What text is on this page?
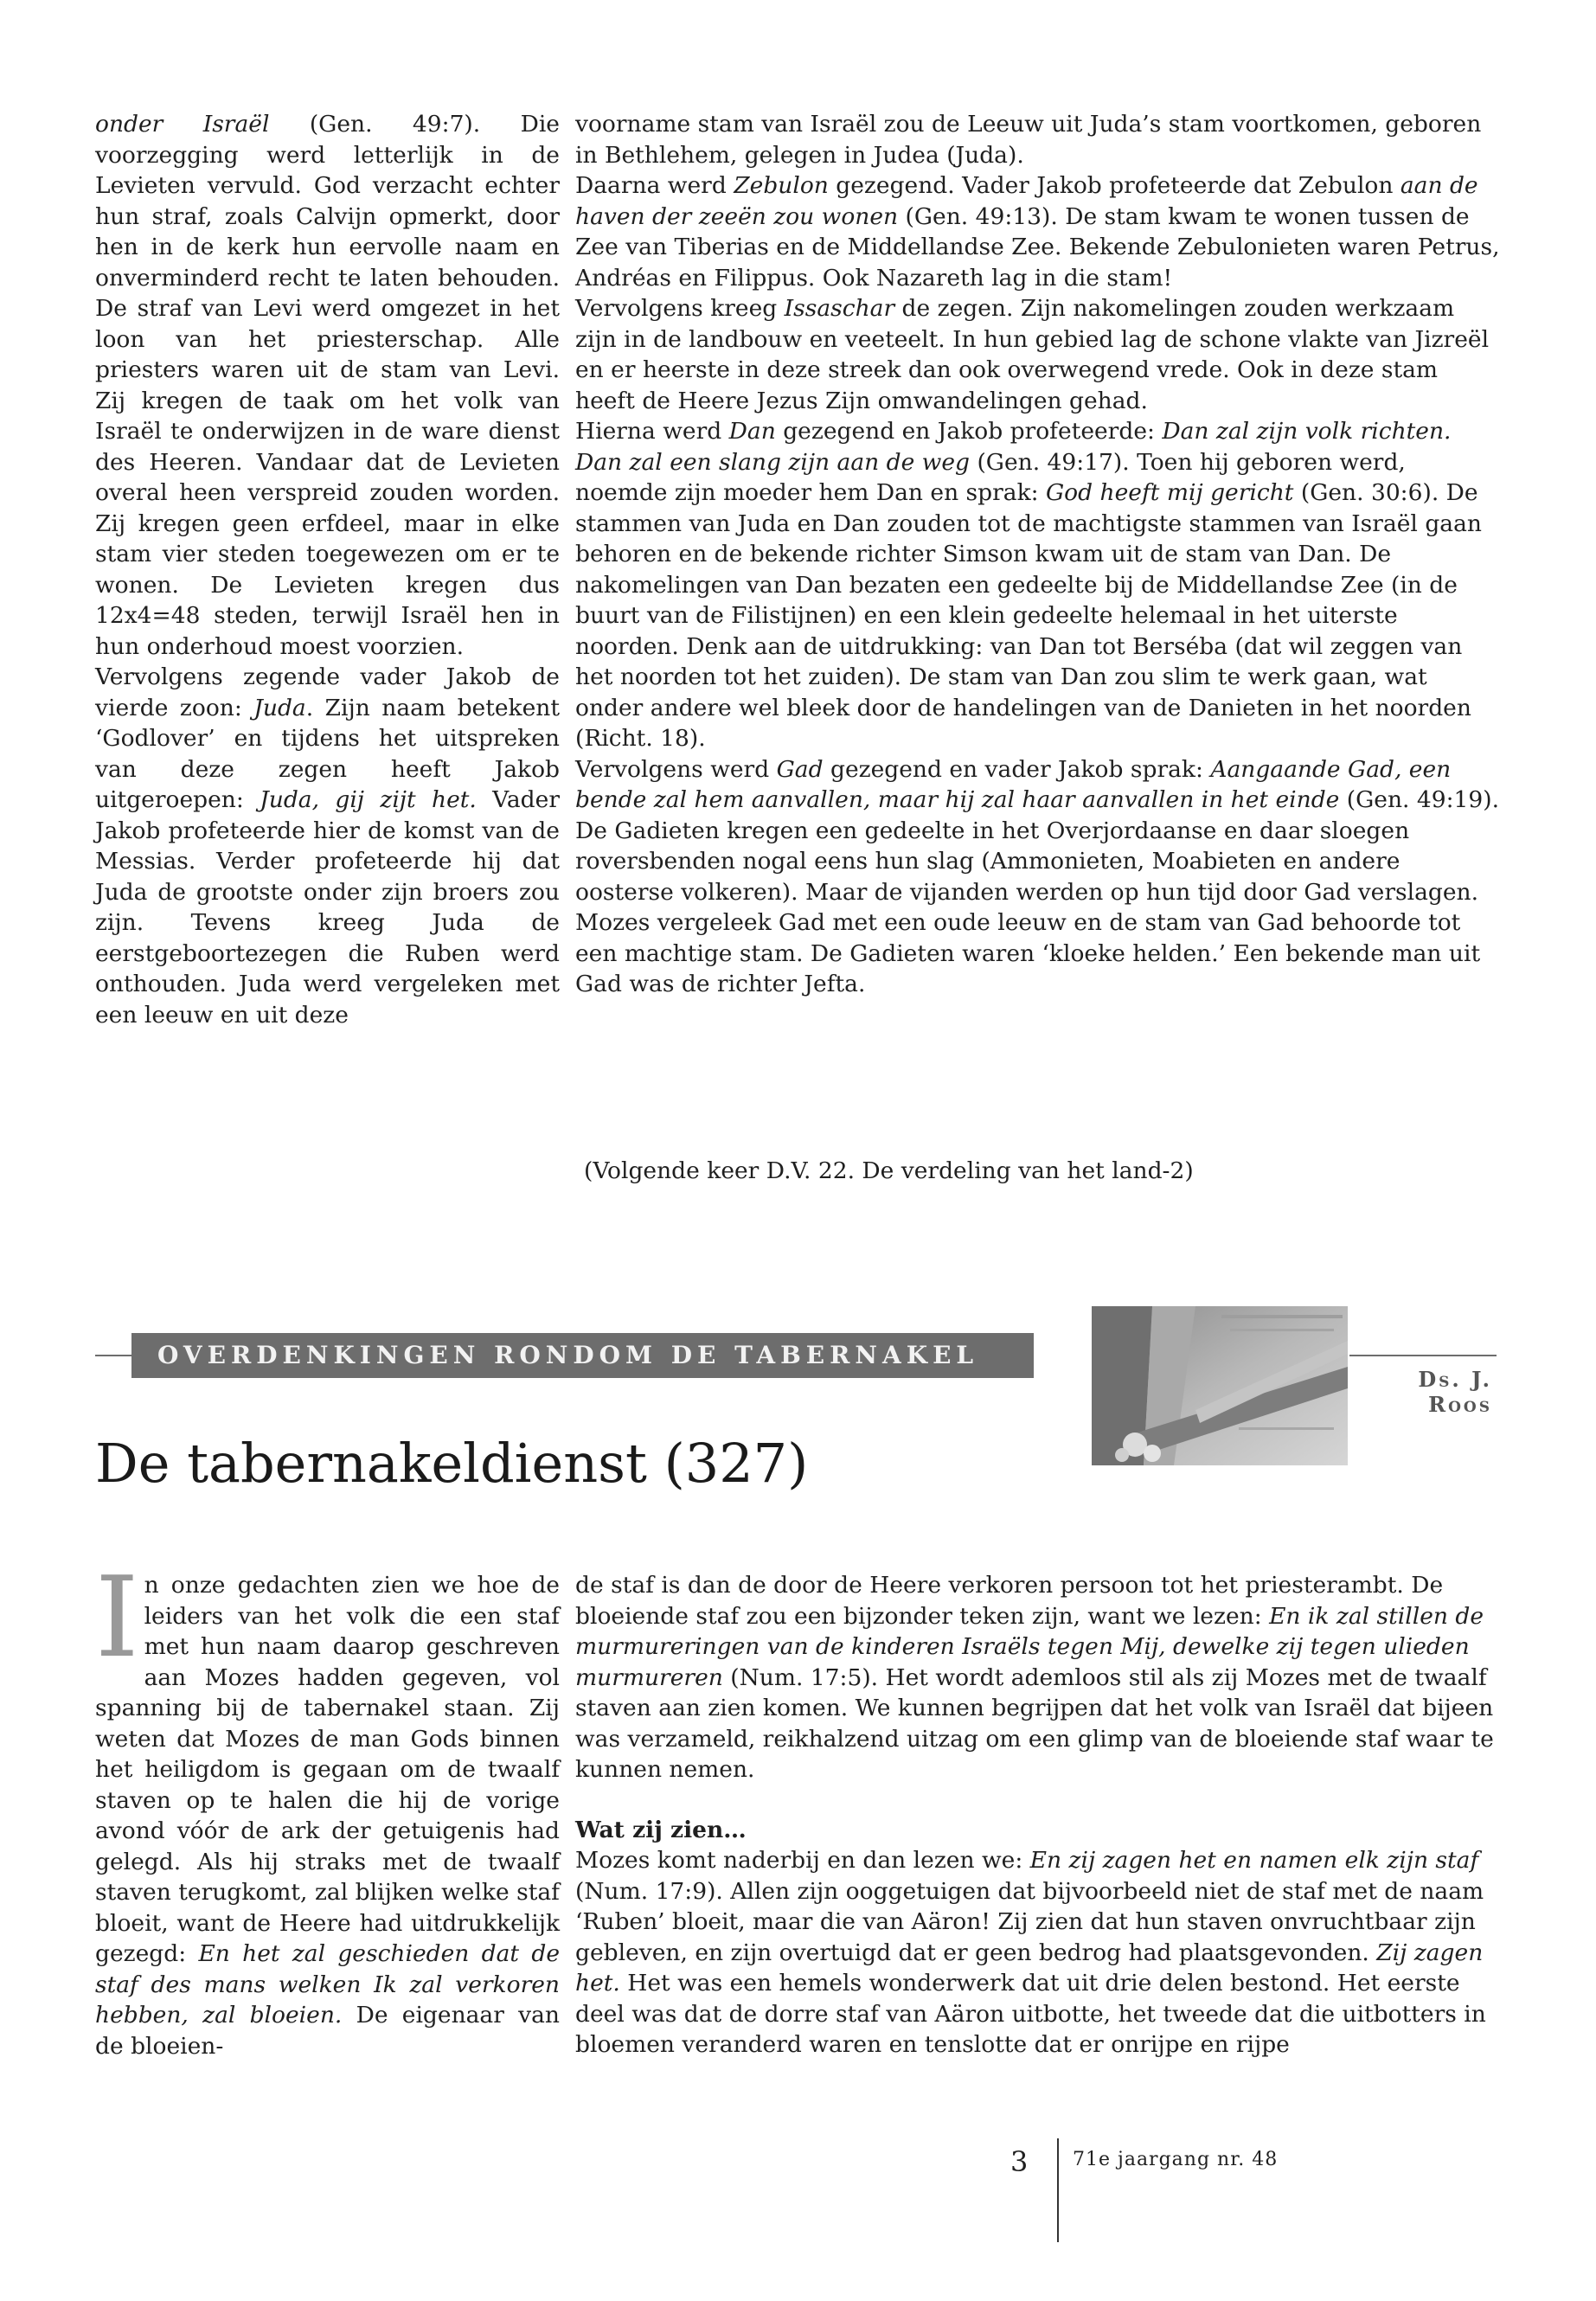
onder Israël (Gen. 49:7). Die voorzegging werd letterlijk in de Levieten vervuld. God verzacht echter hun straf, zoals Calvijn opmerkt, door hen in de kerk hun eervolle naam en onverminderd recht te laten behouden. De straf van Levi werd omgezet in het loon van het priesterschap. Alle priesters waren uit de stam van Levi. Zij kregen de taak om het volk van Israël te onderwijzen in de ware dienst des Heeren. Vandaar dat de Levieten overal heen verspreid zouden worden. Zij kregen geen erfdeel, maar in elke stam vier steden toegewezen om er te wonen. De Levieten kregen dus 12x4=48 steden, terwijl Israël hen in hun onderhoud moest voorzien.

Vervolgens zegende vader Jakob de vierde zoon: Juda. Zijn naam betekent ‘Godlover’ en tijdens het uitspreken van deze zegen heeft Jakob uitgeroepen: Juda, gij zijt het. Vader Jakob profeteerde hier de komst van de Messias. Verder profeteerde hij dat Juda de grootste onder zijn broers zou zijn. Tevens kreeg Juda de eerstgeboortezegen die Ruben werd onthouden. Juda werd vergeleken met een leeuw en uit deze

voorname stam van Israël zou de Leeuw uit Juda’s stam voortkomen, geboren in Bethlehem, gelegen in Judea (Juda).

Daarna werd Zebulon gezegend. Vader Jakob profeteerde dat Zebulon aan de haven der zeeën zou wonen (Gen. 49:13). De stam kwam te wonen tussen de Zee van Tiberias en de Middellandse Zee. Bekende Zebulonieten waren Petrus, Andréas en Filippus. Ook Nazareth lag in die stam!

Vervolgens kreeg Issaschar de zegen. Zijn nakomelingen zouden werkzaam zijn in de landbouw en veeteelt. In hun gebied lag de schone vlakte van Jizreël en er heerste in deze streek dan ook overwegend vrede. Ook in deze stam heeft de Heere Jezus Zijn omwandelingen gehad.

Hierna werd Dan gezegend en Jakob profeteerde: Dan zal zijn volk richten. Dan zal een slang zijn aan de weg (Gen. 49:17). Toen hij geboren werd, noemde zijn moeder hem Dan en sprak: God heeft mij gericht (Gen. 30:6). De stammen van Juda en Dan zouden tot de machtigste stammen van Israël gaan behoren en de bekende richter Simson kwam uit de stam van Dan. De nakomelingen van Dan bezaten een gedeelte bij de Middellandse Zee (in de buurt van de Filistijnen) en een klein gedeelte helemaal in het uiterste noorden. Denk aan de uitdrukking: van Dan tot Berséba (dat wil zeggen van het noorden tot het zuiden). De stam van Dan zou slim te werk gaan, wat onder andere wel bleek door de handelingen van de Danieten in het noorden (Richt. 18).

Vervolgens werd Gad gezegend en vader Jakob sprak: Aangaande Gad, een bende zal hem aanvallen, maar hij zal haar aanvallen in het einde (Gen. 49:19). De Gadieten kregen een gedeelte in het Overjordaanse en daar sloegen roversbenden nogal eens hun slag (Ammonieten, Moabieten en andere oosterse volkeren). Maar de vijanden werden op hun tijd door Gad verslagen. Mozes vergeleek Gad met een oude leeuw en de stam van Gad behoorde tot een machtige stam. De Gadieten waren ‘kloeke helden.’ Een bekende man uit Gad was de richter Jefta.

(Volgende keer D.V. 22. De verdeling van het land-2)
OVERDENKINGEN RONDOM DE TABERNAKEL
Ds. J. Roos
De tabernakeldienst (327)

In onze gedachten zien we hoe de leiders van het volk die een staf met hun naam daarop geschreven aan Mozes hadden gegeven, vol spanning bij de tabernakel staan. Zij weten dat Mozes de man Gods binnen het heiligdom is gegaan om de twaalf staven op te halen die hij de vorige avond vóór de ark der getuigenis had gelegd. Als hij straks met de twaalf staven terugkomt, zal blijken welke staf bloeit, want de Heere had uitdrukkelijk gezegd: En het zal geschieden dat de staf des mans welken Ik zal verkoren hebben, zal bloeien. De eigenaar van de bloeien-

de staf is dan de door de Heere verkoren persoon tot het priesterambt. De bloeiende staf zou een bijzonder teken zijn, want we lezen: En ik zal stillen de murmureringen van de kinderen Israëls tegen Mij, dewelke zij tegen ulieden murmureren (Num. 17:5). Het wordt ademloos stil als zij Mozes met de twaalf staven aan zien komen. We kunnen begrijpen dat het volk van Israël dat bijeen was verzameld, reikhalzend uitzag om een glimp van de bloeiende staf waar te kunnen nemen.

Wat zij zien…

Mozes komt naderbij en dan lezen we: En zij zagen het en namen elk zijn staf (Num. 17:9). Allen zijn ooggetuigen dat bijvoorbeeld niet de staf met de naam ‘Ruben’ bloeit, maar die van Aäron! Zij zien dat hun staven onvruchtbaar zijn gebleven, en zijn overtuigd dat er geen bedrog had plaatsgevonden. Zij zagen het. Het was een hemels wonderwerk dat uit drie delen bestond. Het eerste deel was dat de dorre staf van Aäron uitbotte, het tweede dat die uitbotters in bloemen veranderd waren en tenslotte dat er onrijpe en rijpe

3 71e jaargang nr. 48
